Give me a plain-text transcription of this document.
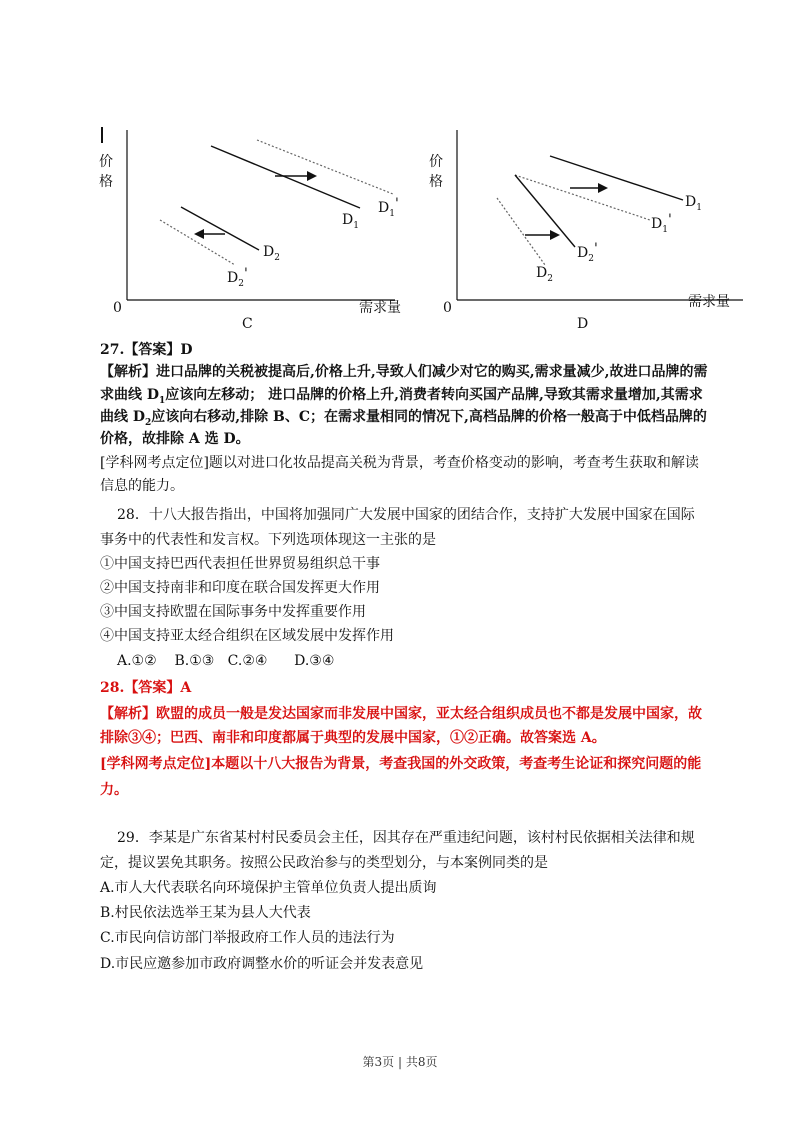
价
格
0	需求量
$D_1$
$D_1'$
$D_2$
$D_2'$
C
价
格
0	需求量
$D_1$
$D_1'$
$D_2$
$D_2'$
D
27.【答案】D
【解析】进口品牌的关税被提高后,价格上升,导致人们减少对它的购买,需求量减少,故进口品牌的需
求曲线 $D_1$应该向左移动； 进口品牌的价格上升,消费者转向买国产品牌,导致其需求量增加,其需求
曲线 $D_2$应该向右移动,排除 B、C；在需求量相同的情况下,高档品牌的价格一般高于中低档品牌的
价格，故排除 A 选 D。
[学科网考点定位]题以对进口化妆品提高关税为背景，考查价格变动的影响，考查考生获取和解读
信息的能力。
28．十八大报告指出，中国将加强同广大发展中国家的团结合作，支持扩大发展中国家在国际
事务中的代表性和发言权。下列选项体现这一主张的是
①中国支持巴西代表担任世界贸易组织总干事
②中国支持南非和印度在联合国发挥更大作用
③中国支持欧盟在国际事务中发挥重要作用
④中国支持亚太经合组织在区域发展中发挥作用
A.①②    B.①③   C.②④      D.③④
28.【答案】A
【解析】欧盟的成员一般是发达国家而非发展中国家，亚太经合组织成员也不都是发展中国家，故
排除③④；巴西、南非和印度都属于典型的发展中国家，①②正确。故答案选 A。
[学科网考点定位]本题以十八大报告为背景，考查我国的外交政策，考查考生论证和探究问题的能
力。
29．李某是广东省某村村民委员会主任，因其存在严重违纪问题，该村村民依据相关法律和规
定，提议罢免其职务。按照公民政治参与的类型划分，与本案例同类的是
A.市人大代表联名向环境保护主管单位负责人提出质询
B.村民依法选举王某为县人大代表
C.市民向信访部门举报政府工作人员的违法行为
D.市民应邀参加市政府调整水价的听证会并发表意见
第3页 | 共8页
